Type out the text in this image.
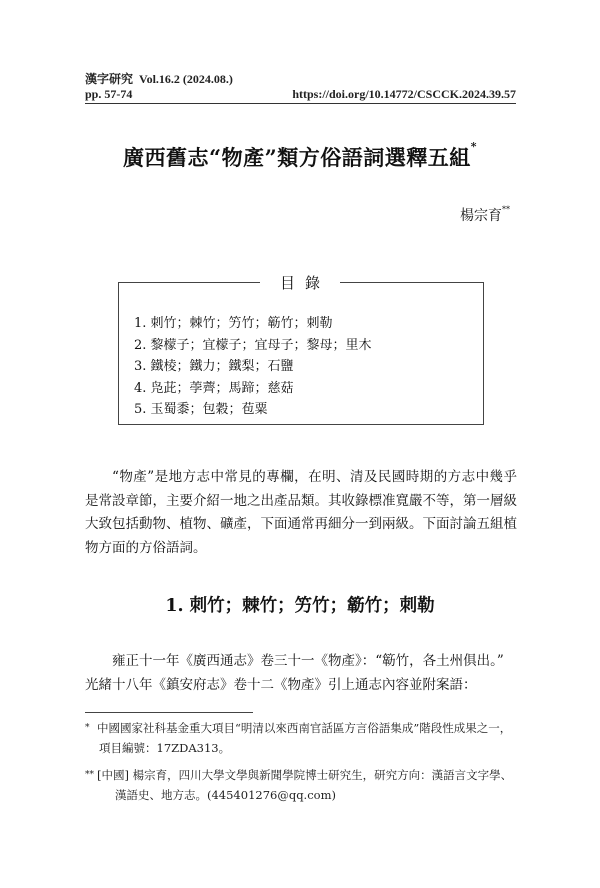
漢字研究 Vol.16.2 (2024.08.)
pp. 57-74	https://doi.org/10.14772/CSCCK.2024.39.57
廣西舊志“物產”類方俗語詞選釋五組*
楊宗育**
目錄
1. 刺竹；棘竹；竻竹；簕竹；刺勒
2. 黎檬子；宜檬子；宜母子；黎母；里木
3. 鐵棱；鐵力；鐵梨；石鹽
4. 凫茈；荸薺；馬蹄；慈菇
5. 玉蜀黍；包穀；苞粟

“物產”是地方志中常見的專欄，在明、清及民國時期的方志中幾乎是常設章節，主要介紹一地之出產品類。其收錄標准寬嚴不等，第一層級大致包括動物、植物、礦產，下面通常再細分一到兩級。下面討論五組植物方面的方俗語詞。

1. 刺竹；棘竹；竻竹；簕竹；刺勒

雍正十一年《廣西通志》卷三十一《物產》：“簕竹，各土州俱出。”
光緒十八年《鎮安府志》卷十二《物產》引上通志內容並附案語：

* 中國國家社科基金重大項目“明清以來西南官話區方言俗語集成”階段性成果之一，
項目編號：17ZDA313。
** [中國] 楊宗育，四川大學文學與新聞學院博士研究生，研究方向：漢語言文字學、
漢語史、地方志。(445401276@qq.com)
